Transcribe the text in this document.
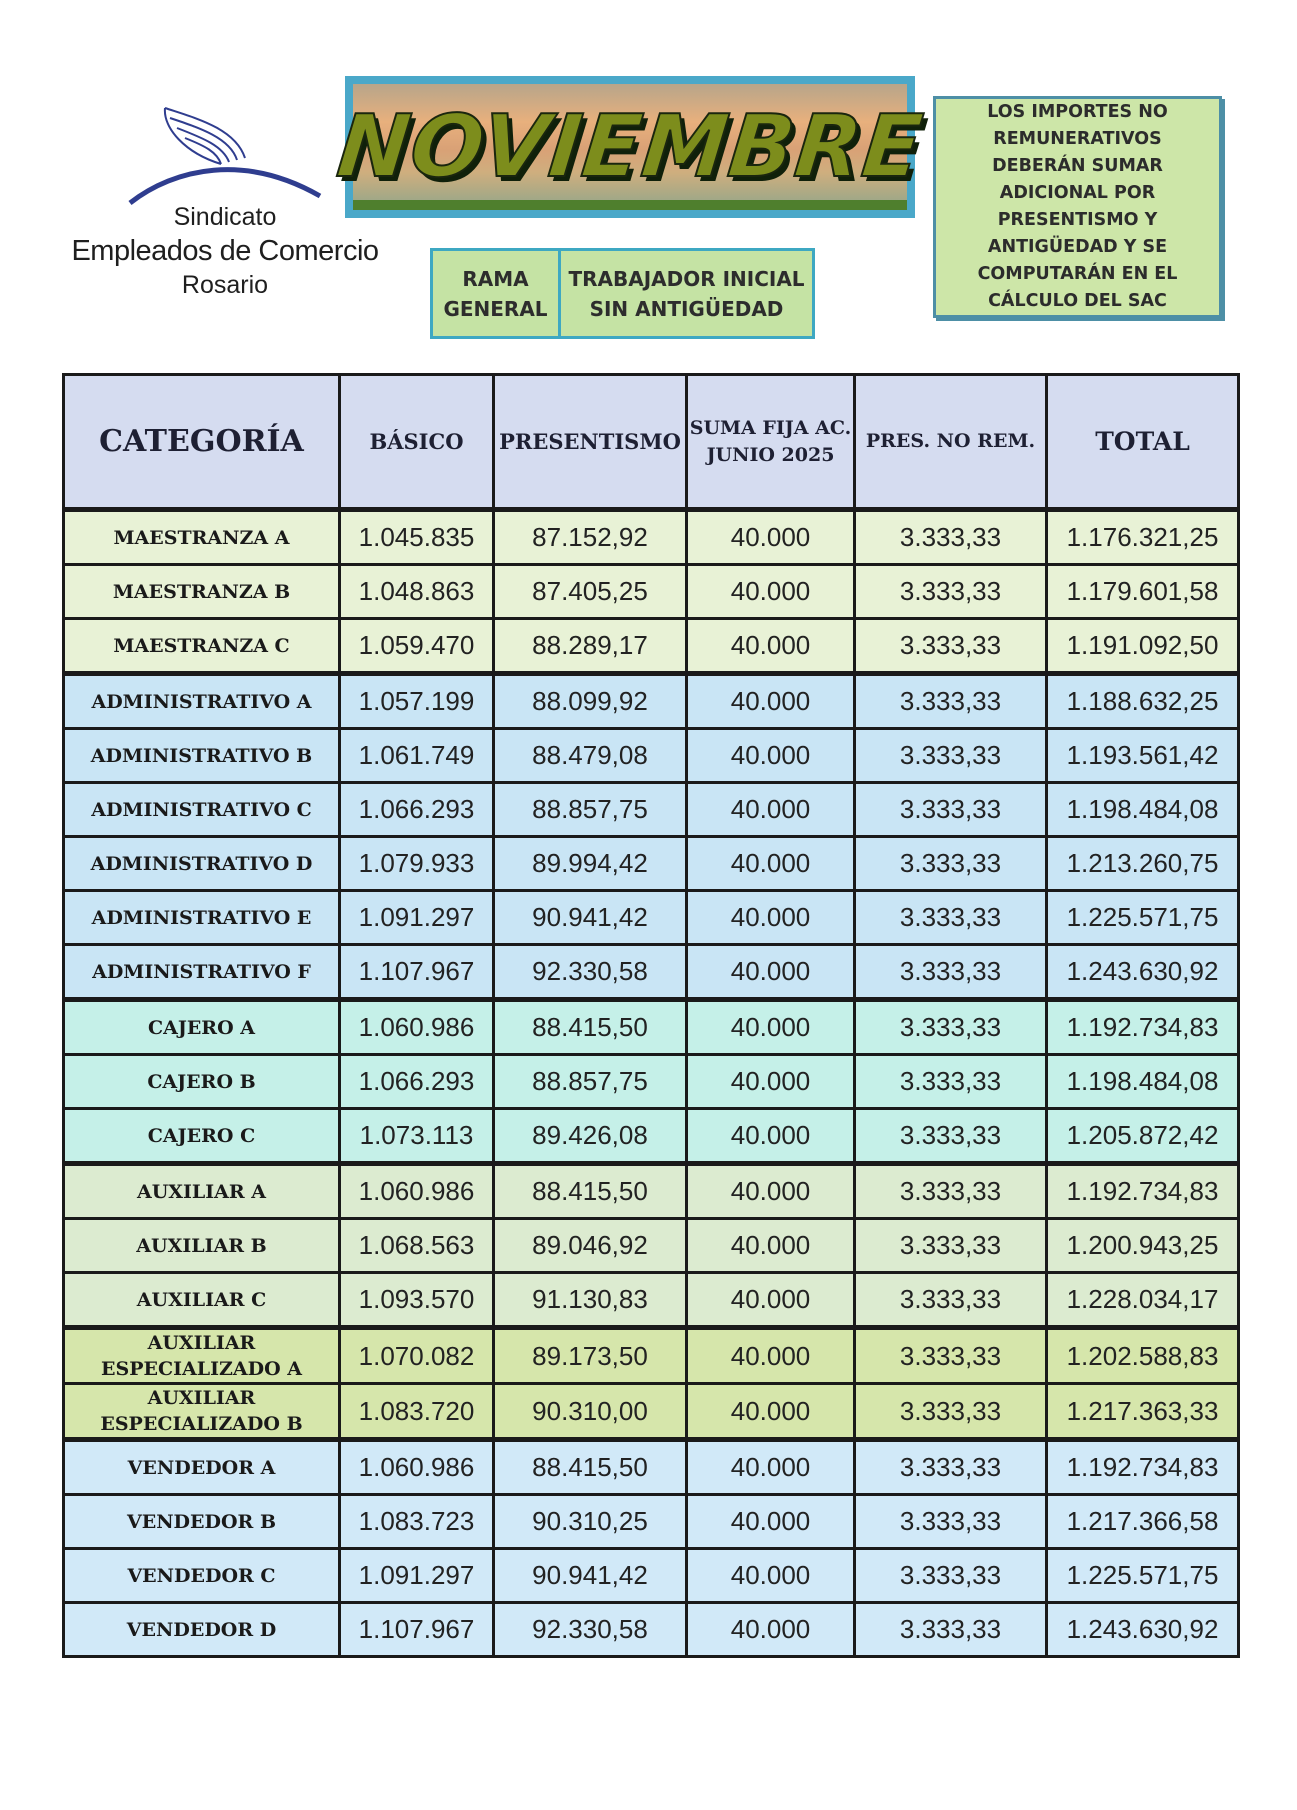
Sindicato
Empleados de Comercio
Rosario
NOVIEMBRE	LOS IMPORTES NO REMUNERATIVOS DEBERÁN SUMAR ADICIONAL POR PRESENTISMO Y ANTIGÜEDAD Y SE COMPUTARÁN EN EL CÁLCULO DEL SAC
RAMA GENERAL
TRABAJADOR INICIAL SIN ANTIGÜEDAD
CATEGORÍA	BÁSICO	PRESENTISMO	SUMA FIJA AC. JUNIO 2025	PRES. NO REM.	TOTAL
MAESTRANZA A	1.045.835	87.152,92	40.000	3.333,33	1.176.321,25
MAESTRANZA B	1.048.863	87.405,25	40.000	3.333,33	1.179.601,58
MAESTRANZA C	1.059.470	88.289,17	40.000	3.333,33	1.191.092,50
ADMINISTRATIVO A	1.057.199	88.099,92	40.000	3.333,33	1.188.632,25
ADMINISTRATIVO B	1.061.749	88.479,08	40.000	3.333,33	1.193.561,42
ADMINISTRATIVO C	1.066.293	88.857,75	40.000	3.333,33	1.198.484,08
ADMINISTRATIVO D	1.079.933	89.994,42	40.000	3.333,33	1.213.260,75
ADMINISTRATIVO E	1.091.297	90.941,42	40.000	3.333,33	1.225.571,75
ADMINISTRATIVO F	1.107.967	92.330,58	40.000	3.333,33	1.243.630,92
CAJERO A	1.060.986	88.415,50	40.000	3.333,33	1.192.734,83
CAJERO B	1.066.293	88.857,75	40.000	3.333,33	1.198.484,08
CAJERO C	1.073.113	89.426,08	40.000	3.333,33	1.205.872,42
AUXILIAR A	1.060.986	88.415,50	40.000	3.333,33	1.192.734,83
AUXILIAR B	1.068.563	89.046,92	40.000	3.333,33	1.200.943,25
AUXILIAR C	1.093.570	91.130,83	40.000	3.333,33	1.228.034,17
AUXILIAR ESPECIALIZADO A	1.070.082	89.173,50	40.000	3.333,33	1.202.588,83
AUXILIAR ESPECIALIZADO B	1.083.720	90.310,00	40.000	3.333,33	1.217.363,33
VENDEDOR A	1.060.986	88.415,50	40.000	3.333,33	1.192.734,83
VENDEDOR B	1.083.723	90.310,25	40.000	3.333,33	1.217.366,58
VENDEDOR C	1.091.297	90.941,42	40.000	3.333,33	1.225.571,75
VENDEDOR D	1.107.967	92.330,58	40.000	3.333,33	1.243.630,92
